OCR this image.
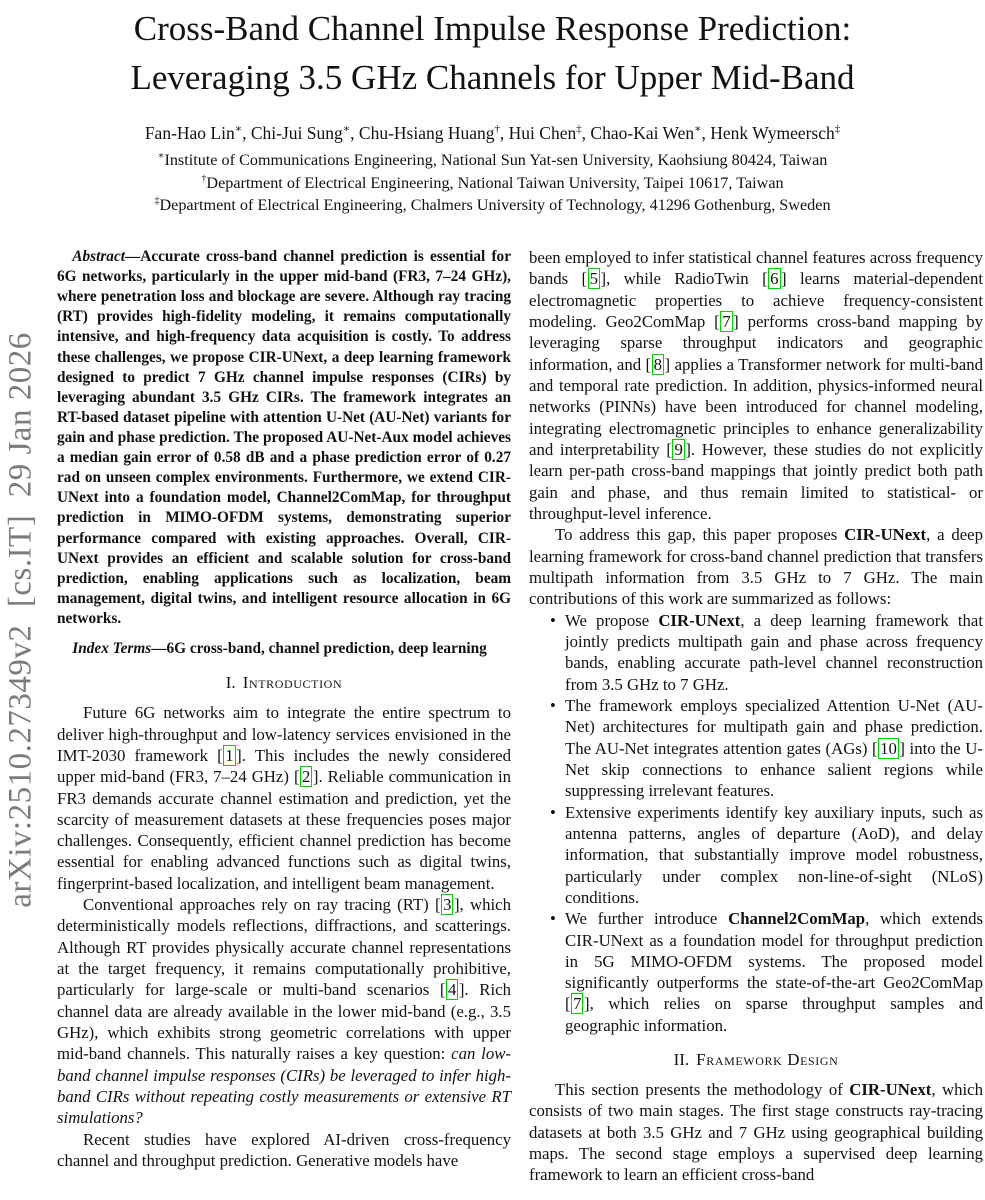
arXiv:2510.27349v2  [cs.IT]  29 Jan 2026
Cross-Band Channel Impulse Response Prediction:
Leveraging 3.5 GHz Channels for Upper Mid-Band
Fan-Hao Lin∗, Chi-Jui Sung∗, Chu-Hsiang Huang†, Hui Chen‡, Chao-Kai Wen∗, Henk Wymeersch‡
∗Institute of Communications Engineering, National Sun Yat-sen University, Kaohsiung 80424, Taiwan
†Department of Electrical Engineering, National Taiwan University, Taipei 10617, Taiwan
‡Department of Electrical Engineering, Chalmers University of Technology, 41296 Gothenburg, Sweden

Abstract—Accurate cross-band channel prediction is essential for 6G networks, particularly in the upper mid-band (FR3, 7–24 GHz), where penetration loss and blockage are severe. Although ray tracing (RT) provides high-fidelity modeling, it remains computationally intensive, and high-frequency data acquisition is costly. To address these challenges, we propose CIR-UNext, a deep learning framework designed to predict 7 GHz channel impulse responses (CIRs) by leveraging abundant 3.5 GHz CIRs. The framework integrates an RT-based dataset pipeline with attention U-Net (AU-Net) variants for gain and phase prediction. The proposed AU-Net-Aux model achieves a median gain error of 0.58 dB and a phase prediction error of 0.27 rad on unseen complex environments. Furthermore, we extend CIR-UNext into a foundation model, Channel2ComMap, for throughput prediction in MIMO-OFDM systems, demonstrating superior performance compared with existing approaches. Overall, CIR-UNext provides an efficient and scalable solution for cross-band prediction, enabling applications such as localization, beam management, digital twins, and intelligent resource allocation in 6G networks.

Index Terms—6G cross-band, channel prediction, deep learning

I. Introduction

Future 6G networks aim to integrate the entire spectrum to deliver high-throughput and low-latency services envisioned in the IMT-2030 framework [ 1 ]. This includes the newly considered upper mid-band (FR3, 7–24 GHz) [ 2 ]. Reliable communication in FR3 demands accurate channel estimation and prediction, yet the scarcity of measurement datasets at these frequencies poses major challenges. Consequently, efficient channel prediction has become essential for enabling advanced functions such as digital twins, fingerprint-based localization, and intelligent beam management.

Conventional approaches rely on ray tracing (RT) [ 3 ], which deterministically models reflections, diffractions, and scatterings. Although RT provides physically accurate channel representations at the target frequency, it remains computationally prohibitive, particularly for large-scale or multi-band scenarios [ 4 ]. Rich channel data are already available in the lower mid-band (e.g., 3.5 GHz), which exhibits strong geometric correlations with upper mid-band channels. This naturally raises a key question: can low-band channel impulse responses (CIRs) be leveraged to infer high-band CIRs without repeating costly measurements or extensive RT simulations?

Recent studies have explored AI-driven cross-frequency channel and throughput prediction. Generative models have

been employed to infer statistical channel features across frequency bands [ 5 ], while RadioTwin [ 6 ] learns material-dependent electromagnetic properties to achieve frequency-consistent modeling. Geo2ComMap [ 7 ] performs cross-band mapping by leveraging sparse throughput indicators and geographic information, and [ 8 ] applies a Transformer network for multi-band and temporal rate prediction. In addition, physics-informed neural networks (PINNs) have been introduced for channel modeling, integrating electromagnetic principles to enhance generalizability and interpretability [ 9 ]. However, these studies do not explicitly learn per-path cross-band mappings that jointly predict both path gain and phase, and thus remain limited to statistical- or throughput-level inference.

To address this gap, this paper proposes CIR-UNext, a deep learning framework for cross-band channel prediction that transfers multipath information from 3.5 GHz to 7 GHz. The main contributions of this work are summarized as follows:

• We propose CIR-UNext, a deep learning framework that jointly predicts multipath gain and phase across frequency bands, enabling accurate path-level channel reconstruction from 3.5 GHz to 7 GHz.
• The framework employs specialized Attention U-Net (AU-Net) architectures for multipath gain and phase prediction. The AU-Net integrates attention gates (AGs) [ 10 ] into the U-Net skip connections to enhance salient regions while suppressing irrelevant features.
• Extensive experiments identify key auxiliary inputs, such as antenna patterns, angles of departure (AoD), and delay information, that substantially improve model robustness, particularly under complex non-line-of-sight (NLoS) conditions.
• We further introduce Channel2ComMap, which extends CIR-UNext as a foundation model for throughput prediction in 5G MIMO-OFDM systems. The proposed model significantly outperforms the state-of-the-art Geo2ComMap [ 7 ], which relies on sparse throughput samples and geographic information.
II. Framework Design

This section presents the methodology of CIR-UNext, which consists of two main stages. The first stage constructs ray-tracing datasets at both 3.5 GHz and 7 GHz using geographical building maps. The second stage employs a supervised deep learning framework to learn an efficient cross-band
